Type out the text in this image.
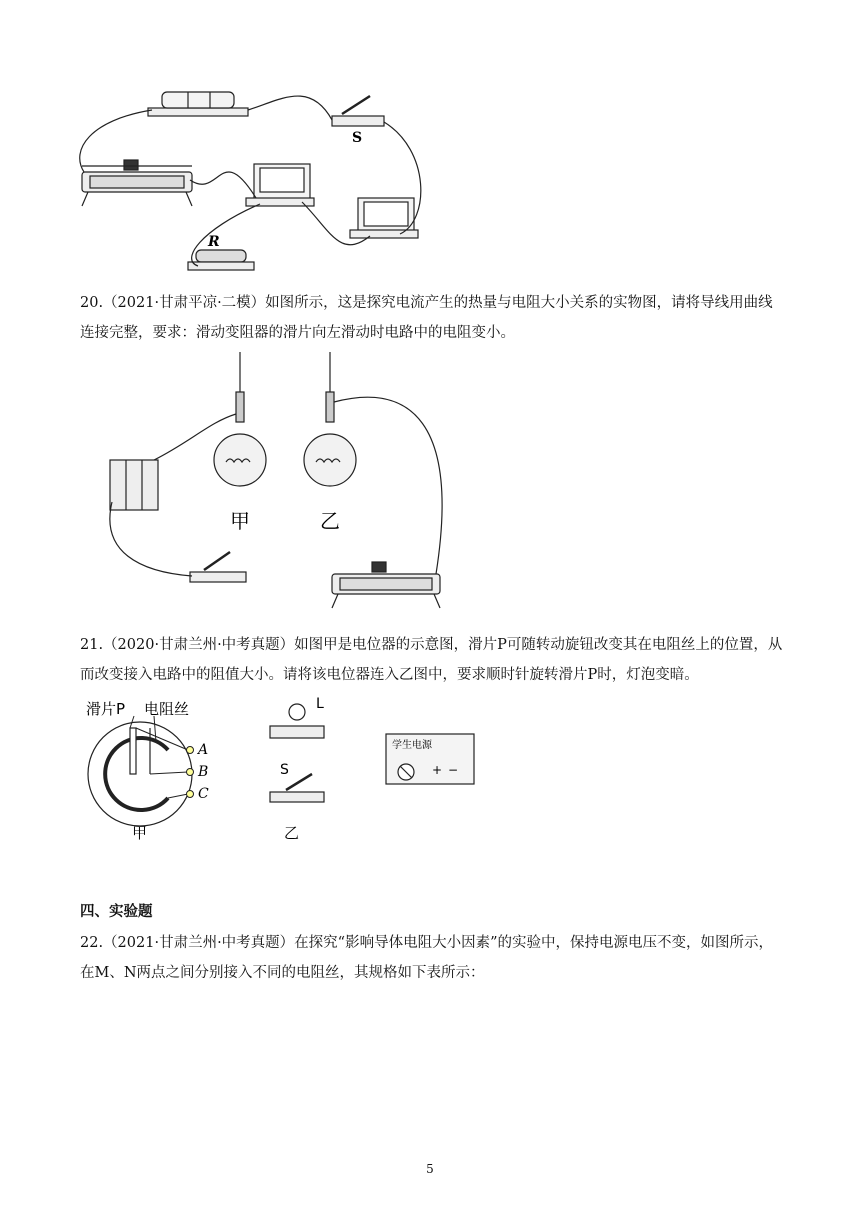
S
R
20.（2021·甘肃平凉·二模）如图所示，这是探究电流产生的热量与电阻大小关系的实物图，请将导线用曲线连接完整，要求：滑动变阻器的滑片向左滑动时电路中的电阻变小。
甲	乙
21.（2020·甘肃兰州·中考真题）如图甲是电位器的示意图，滑片P可随转动旋钮改变其在电阻丝上的位置，从而改变接入电路中的阻值大小。请将该电位器连入乙图中，要求顺时针旋转滑片P时，灯泡变暗。
滑片P 电阻丝
A
B
C
甲
L
S
乙
学生电源
+ −
四、实验题
22.（2021·甘肃兰州·中考真题）在探究“影响导体电阻大小因素”的实验中，保持电源电压不变，如图所示，在M、N两点之间分别接入不同的电阻丝，其规格如下表所示：
5
